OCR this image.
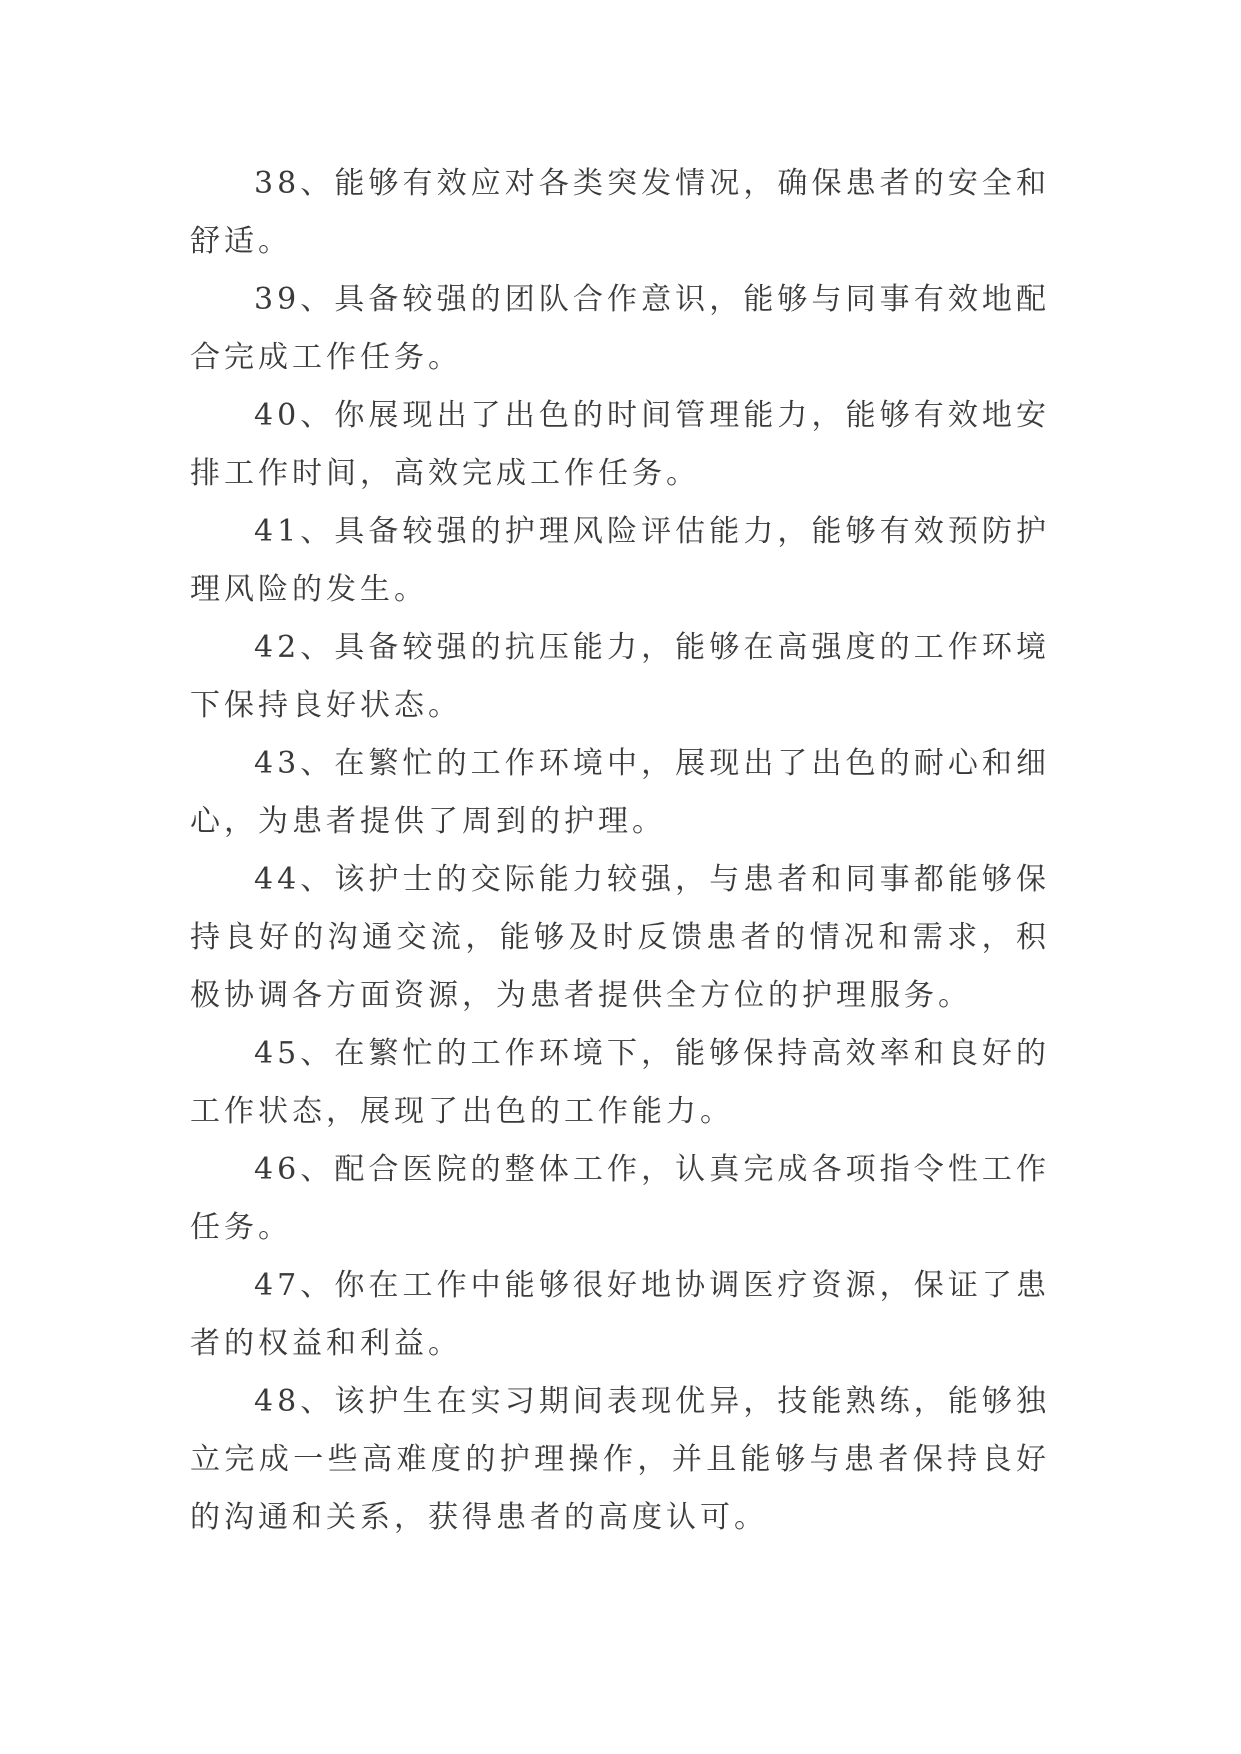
38、能够有效应对各类突发情况，确保患者的安全和舒适。

39、具备较强的团队合作意识，能够与同事有效地配合完成工作任务。

40、你展现出了出色的时间管理能力，能够有效地安排工作时间，高效完成工作任务。

41、具备较强的护理风险评估能力，能够有效预防护理风险的发生。

42、具备较强的抗压能力，能够在高强度的工作环境下保持良好状态。

43、在繁忙的工作环境中，展现出了出色的耐心和细心，为患者提供了周到的护理。

44、该护士的交际能力较强，与患者和同事都能够保持良好的沟通交流，能够及时反馈患者的情况和需求，积极协调各方面资源，为患者提供全方位的护理服务。

45、在繁忙的工作环境下，能够保持高效率和良好的工作状态，展现了出色的工作能力。

46、配合医院的整体工作，认真完成各项指令性工作任务。

47、你在工作中能够很好地协调医疗资源，保证了患者的权益和利益。

48、该护生在实习期间表现优异，技能熟练，能够独立完成一些高难度的护理操作，并且能够与患者保持良好的沟通和关系，获得患者的高度认可。
